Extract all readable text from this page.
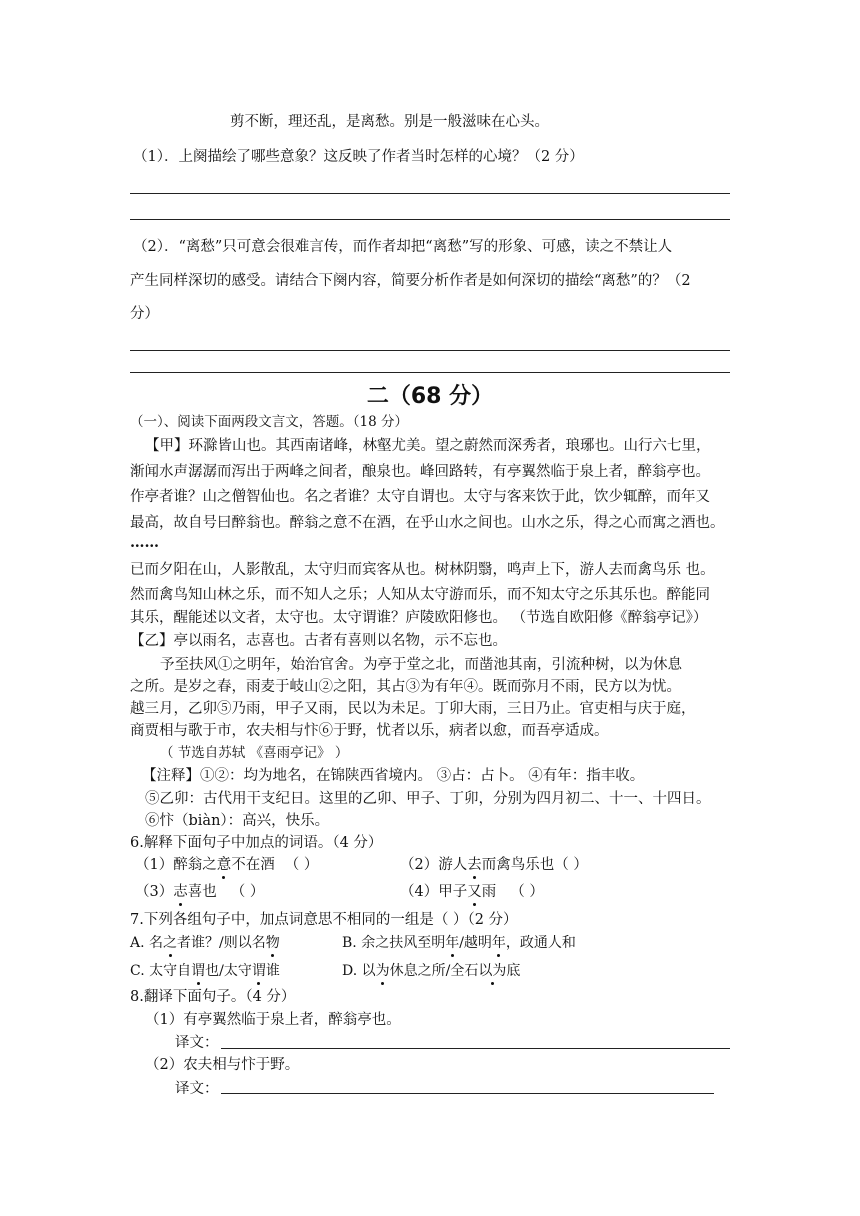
剪不断，理还乱，是离愁。别是一般滋味在心头。
（1）．上阕描绘了哪些意象？这反映了作者当时怎样的心境？（2 分）
（2）．“离愁”只可意会很难言传，而作者却把“离愁”写的形象、可感，读之不禁让人
产生同样深切的感受。请结合下阕内容，简要分析作者是如何深切的描绘“离愁”的？（2
分）
二（68 分）
（一）、阅读下面两段文言文，答题。（18 分）
【甲】环滁皆山也。其西南诸峰，林壑尤美。望之蔚然而深秀者，琅琊也。山行六七里，
渐闻水声潺潺而泻出于两峰之间者，酿泉也。峰回路转，有亭翼然临于泉上者，醉翁亭也。
作亭者谁？山之僧智仙也。名之者谁？太守自谓也。太守与客来饮于此，饮少辄醉，而年又
最高，故自号曰醉翁也。醉翁之意不在酒，在乎山水之间也。山水之乐，得之心而寓之酒也。
……
已而夕阳在山，人影散乱，太守归而宾客从也。树林阴翳，鸣声上下，游人去而禽鸟乐 也。
然而禽鸟知山林之乐，而不知人之乐；人知从太守游而乐，而不知太守之乐其乐也。醉能同
其乐，醒能述以文者，太守也。太守谓谁？庐陵欧阳修也。 （节选自欧阳修《醉翁亭记》）
【乙】亭以雨名，志喜也。古者有喜则以名物，示不忘也。
予至扶风①之明年，始治官舍。为亭于堂之北，而凿池其南，引流种树，以为休息
之所。是岁之春，雨麦于岐山②之阳，其占③为有年④。既而弥月不雨，民方以为忧。
越三月，乙卯⑤乃雨，甲子又雨，民以为未足。丁卯大雨，三日乃止。官吏相与庆于庭，
商贾相与歌于市，农夫相与忭⑥于野，忧者以乐，病者以愈，而吾亭适成。
（ 节选自苏轼 《喜雨亭记》 ）
【注释】①②：均为地名，在锦陕西省境内。 ③占：占卜。 ④有年：指丰收。
⑤乙卯：古代用干支纪日。这里的乙卯、甲子、丁卯，分别为四月初二、十一、十四日。
⑥忭（biàn）：高兴，快乐。
6.解释下面句子中加点的词语。（4 分）
（1）醉翁之意不在酒 （ ）	（2）游人去而禽鸟乐也（ ）
（3）志喜也 （ ）	（4）甲子又雨 （ ）
7.下列各组句子中，加点词意思不相同的一组是（ ）（2 分）
A. 名之者谁？/则以名物	B. 余之扶风至明年/越明年，政通人和
C. 太守自谓也/太守谓谁	D. 以为休息之所/全石以为底
8.翻译下面句子。（4 分）
（1）有亭翼然临于泉上者，醉翁亭也。
译文：
（2）农夫相与忭于野。
译文：
